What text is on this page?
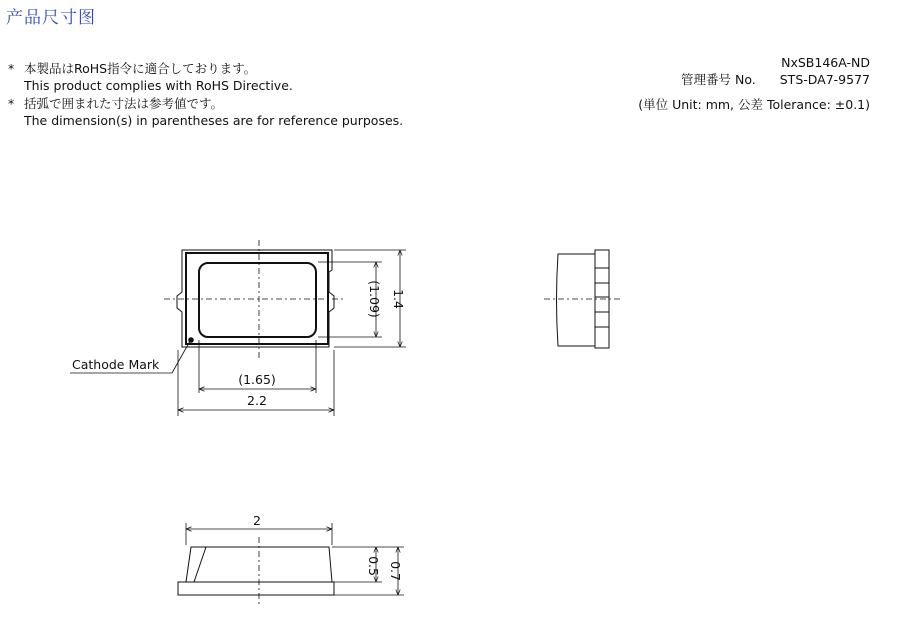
产品尺寸图
* 本製品はRoHS指令に適合しております。
This product complies with RoHS Directive.
* 括弧で囲まれた寸法は参考値です。
The dimension(s) in parentheses are for reference purposes.
NxSB146A-ND
管理番号 No. STS-DA7-9577
(単位 Unit: mm, 公差 Tolerance: ±0.1)
(1.65)
2.2
(1.09) 1.4
Cathode Mark
2
0.5 0.7
